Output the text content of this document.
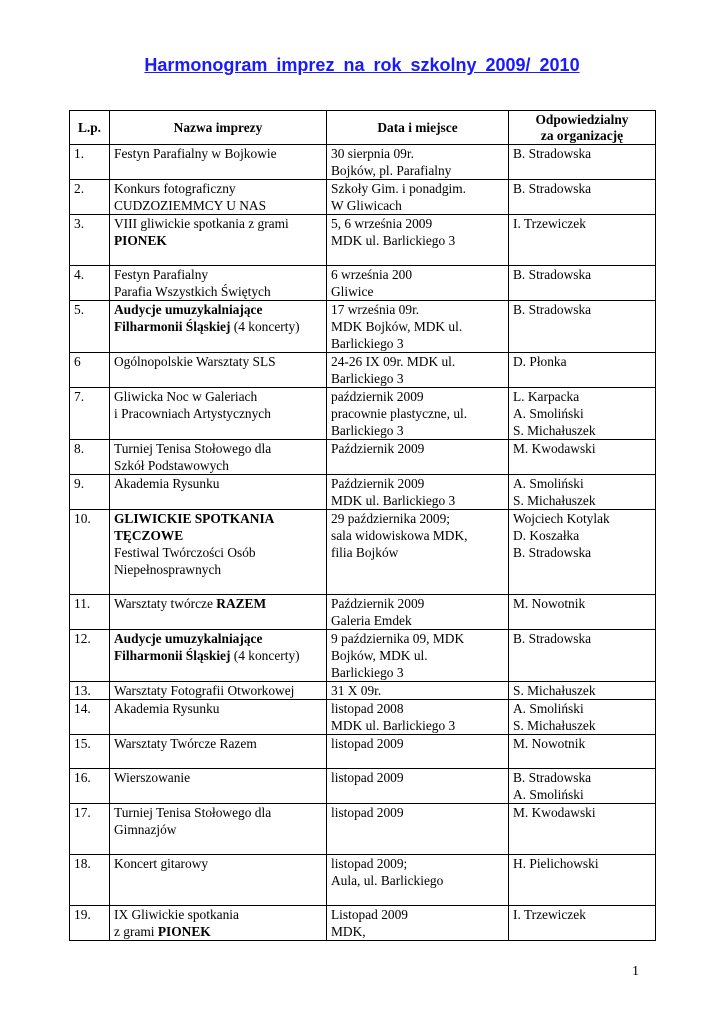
Harmonogram imprez na rok szkolny 2009/ 2010
L.p.	Nazwa imprezy	Data i miejsce	Odpowiedzialny
za organizację
1.	Festyn Parafialny w Bojkowie	30 sierpnia 09r.
Bojków, pl. Parafialny	B. Stradowska
2.	Konkurs fotograficzny
CUDZOZIEMMCY U NAS	Szkoły Gim. i ponadgim.
W Gliwicach	B. Stradowska
3.	VIII gliwickie spotkania z grami
PIONEK	5, 6 września 2009
MDK ul. Barlickiego 3	I. Trzewiczek
4.	Festyn Parafialny
Parafia Wszystkich Świętych	6 września 200
Gliwice	B. Stradowska
5.	Audycje umuzykalniające
Filharmonii Śląskiej (4 koncerty)	17 września 09r.
MDK Bojków, MDK ul.
Barlickiego 3	B. Stradowska
6	Ogólnopolskie Warsztaty SLS	24-26 IX 09r. MDK ul.
Barlickiego 3	D. Płonka
7.	Gliwicka Noc w Galeriach
i Pracowniach Artystycznych	październik 2009
pracownie plastyczne, ul.
Barlickiego 3	L. Karpacka
A. Smoliński
S. Michałuszek
8.	Turniej Tenisa Stołowego dla
Szkół Podstawowych	Październik 2009	M. Kwodawski
9.	Akademia Rysunku	Październik 2009
MDK ul. Barlickiego 3	A. Smoliński
S. Michałuszek
10.	GLIWICKIE SPOTKANIA
TĘCZOWE
Festiwal Twórczości Osób
Niepełnosprawnych	29 października 2009;
sala widowiskowa MDK,
filia Bojków	Wojciech Kotylak
D. Koszałka
B. Stradowska
11.	Warsztaty twórcze RAZEM	Październik 2009
Galeria Emdek	M. Nowotnik
12.	Audycje umuzykalniające
Filharmonii Śląskiej (4 koncerty)	9 października 09, MDK
Bojków, MDK ul.
Barlickiego 3	B. Stradowska
13.	Warsztaty Fotografii Otworkowej	31 X 09r.	S. Michałuszek
14.	Akademia Rysunku	listopad 2008
MDK ul. Barlickiego 3	A. Smoliński
S. Michałuszek
15.	Warsztaty Twórcze Razem	listopad 2009	M. Nowotnik
16.	Wierszowanie	listopad 2009	B. Stradowska
A. Smoliński
17.	Turniej Tenisa Stołowego dla
Gimnazjów	listopad 2009	M. Kwodawski
18.	Koncert gitarowy	listopad 2009;
Aula, ul. Barlickiego	H. Pielichowski
19.	IX Gliwickie spotkania
z grami PIONEK	Listopad 2009
MDK,	I. Trzewiczek
1
